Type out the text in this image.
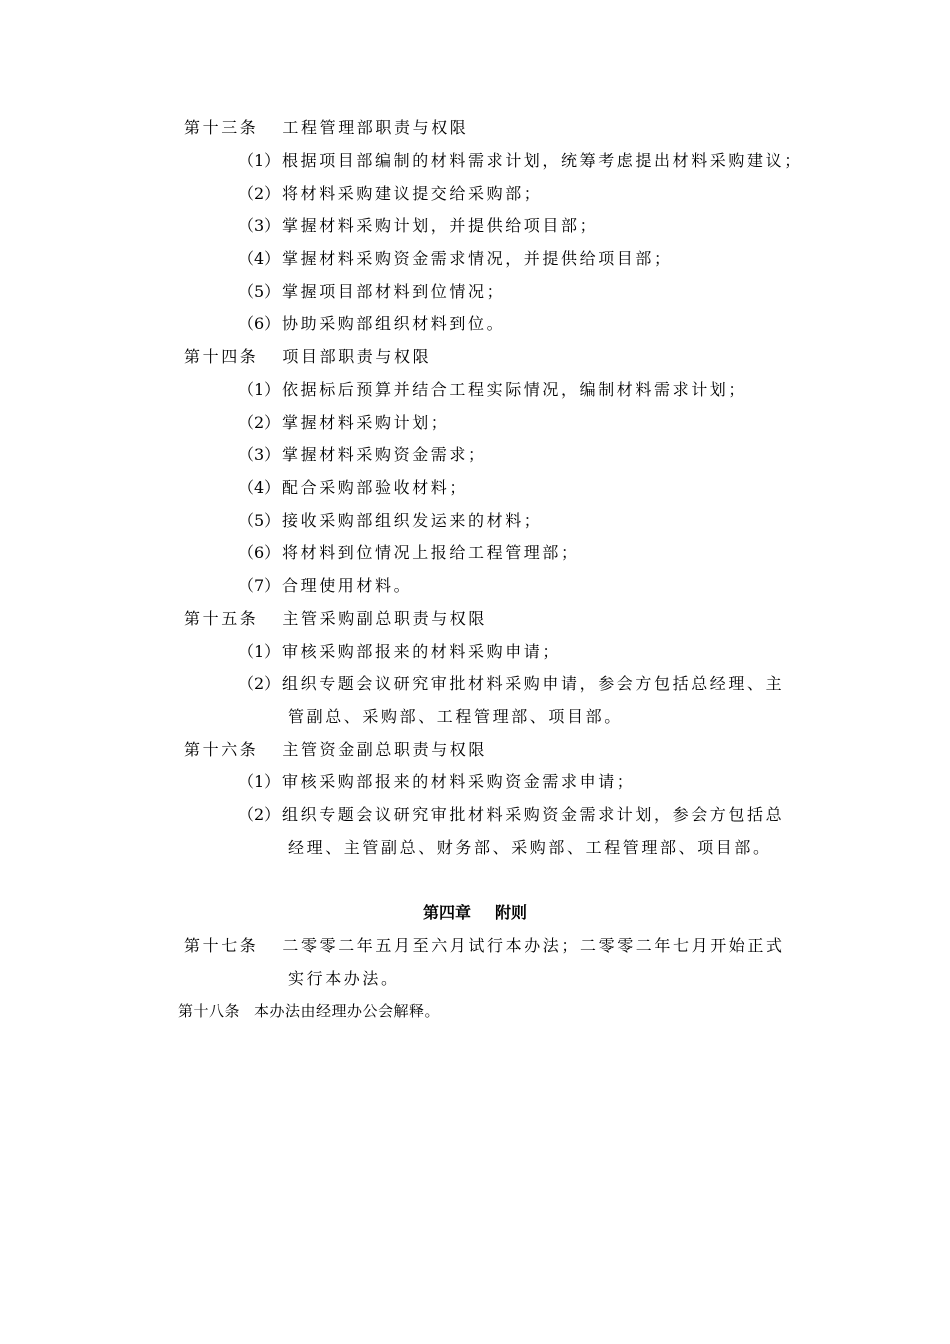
第十三条 工程管理部职责与权限
（1） 根据项目部编制的材料需求计划，统筹考虑提出材料采购建议；
（2） 将材料采购建议提交给采购部；
（3） 掌握材料采购计划，并提供给项目部；
（4） 掌握材料采购资金需求情况，并提供给项目部；
（5） 掌握项目部材料到位情况；
（6） 协助采购部组织材料到位。
第十四条 项目部职责与权限
（1） 依据标后预算并结合工程实际情况，编制材料需求计划；
（2） 掌握材料采购计划；
（3） 掌握材料采购资金需求；
（4） 配合采购部验收材料；
（5） 接收采购部组织发运来的材料；
（6） 将材料到位情况上报给工程管理部；
（7） 合理使用材料。
第十五条 主管采购副总职责与权限
（1） 审核采购部报来的材料采购申请；
（2） 组织专题会议研究审批材料采购申请，参会方包括总经理、主
管副总、采购部、工程管理部、项目部。
第十六条 主管资金副总职责与权限
（1） 审核采购部报来的材料采购资金需求申请；
（2） 组织专题会议研究审批材料采购资金需求计划，参会方包括总
经理、主管副总、财务部、采购部、工程管理部、项目部。
第四章 附则
第十七条 二零零二年五月至六月试行本办法；二零零二年七月开始正式
实行本办法。
第十八条 本办法由经理办公会解释。
